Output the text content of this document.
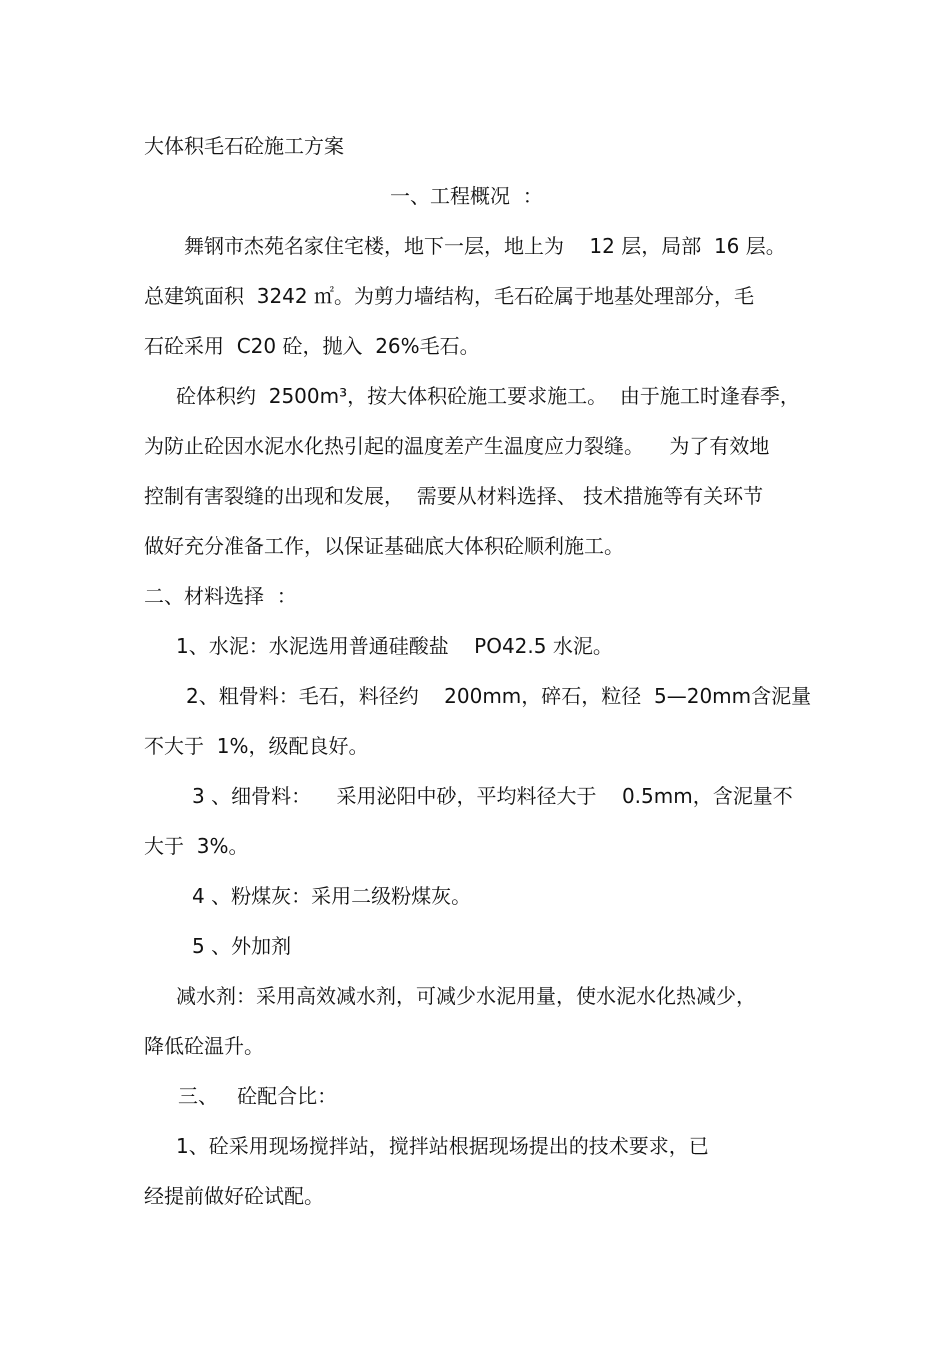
大体积毛石砼施工方案
一、工程概况  ：
舞钢市杰苑名家住宅楼，地下一层，地上为    12 层，局部  16 层。
总建筑面积  3242 ㎡。为剪力墙结构，毛石砼属于地基处理部分，毛
石砼采用  C20 砼，抛入  26%毛石。
砼体积约  2500m³，按大体积砼施工要求施工。  由于施工时逢春季，
为防止砼因水泥水化热引起的温度差产生温度应力裂缝。    为了有效地
控制有害裂缝的出现和发展，  需要从材料选择、 技术措施等有关环节
做好充分准备工作，以保证基础底大体积砼顺利施工。
二、材料选择  ：
1、水泥：水泥选用普通硅酸盐    PO42.5 水泥。
2、粗骨料：毛石，料径约    200mm，碎石，粒径  5—20mm含泥量
不大于  1%，级配良好。
3 、细骨料：    采用泌阳中砂，平均料径大于    0.5mm，含泥量不
大于  3%。
4 、粉煤灰：采用二级粉煤灰。
5 、外加剂
减水剂：采用高效减水剂，可减少水泥用量，使水泥水化热减少，
降低砼温升。
三、   砼配合比：
1、砼采用现场搅拌站，搅拌站根据现场提出的技术要求，已
经提前做好砼试配。
